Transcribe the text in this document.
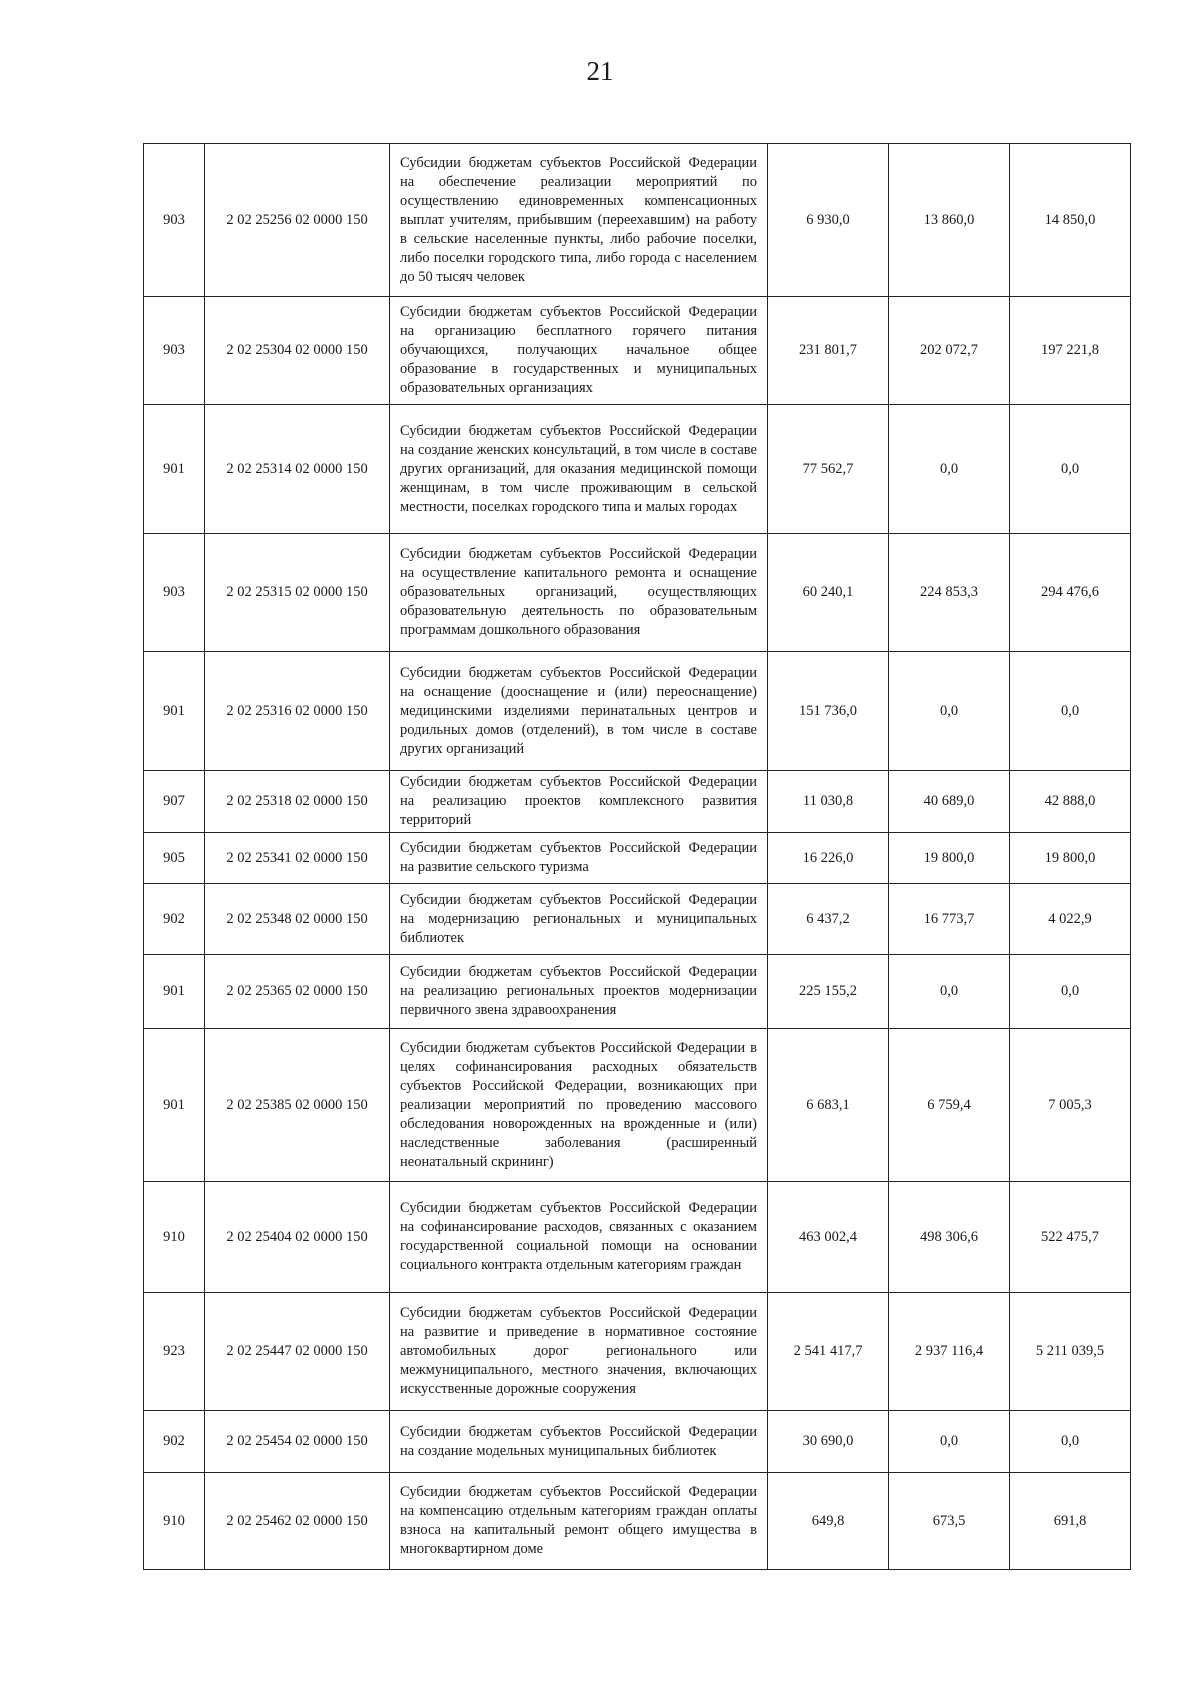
21
903	2 02 25256 02 0000 150	Субсидии бюджетам субъектов Российской Федерации на обеспечение реализации мероприятий по осуществлению единовременных компенсационных выплат учителям, прибывшим (переехавшим) на работу в сельские населенные пункты, либо рабочие поселки, либо поселки городского типа, либо города с населением до 50 тысяч человек	6 930,0	13 860,0	14 850,0
903	2 02 25304 02 0000 150	Субсидии бюджетам субъектов Российской Федерации на организацию бесплатного горячего питания обучающихся, получающих начальное общее образование в государственных и муниципальных образовательных организациях	231 801,7	202 072,7	197 221,8
901	2 02 25314 02 0000 150	Субсидии бюджетам субъектов Российской Федерации на создание женских консультаций, в том числе в составе других организаций, для оказания медицинской помощи женщинам, в том числе проживающим в сельской местности, поселках городского типа и малых городах	77 562,7	0,0	0,0
903	2 02 25315 02 0000 150	Субсидии бюджетам субъектов Российской Федерации на осуществление капитального ремонта и оснащение образовательных организаций, осуществляющих образовательную деятельность по образовательным программам дошкольного образования	60 240,1	224 853,3	294 476,6
901	2 02 25316 02 0000 150	Субсидии бюджетам субъектов Российской Федерации на оснащение (дооснащение и (или) переоснащение) медицинскими изделиями перинатальных центров и родильных домов (отделений), в том числе в составе других организаций	151 736,0	0,0	0,0
907	2 02 25318 02 0000 150	Субсидии бюджетам субъектов Российской Федерации на реализацию проектов комплексного развития территорий	11 030,8	40 689,0	42 888,0
905	2 02 25341 02 0000 150	Субсидии бюджетам субъектов Российской Федерации на развитие сельского туризма	16 226,0	19 800,0	19 800,0
902	2 02 25348 02 0000 150	Субсидии бюджетам субъектов Российской Федерации на модернизацию региональных и муниципальных библиотек	6 437,2	16 773,7	4 022,9
901	2 02 25365 02 0000 150	Субсидии бюджетам субъектов Российской Федерации на реализацию региональных проектов модернизации первичного звена здравоохранения	225 155,2	0,0	0,0
901	2 02 25385 02 0000 150	Субсидии бюджетам субъектов Российской Федерации в целях софинансирования расходных обязательств субъектов Российской Федерации, возникающих при реализации мероприятий по проведению массового обследования новорожденных на врожденные и (или) наследственные заболевания (расширенный неонатальный скрининг)	6 683,1	6 759,4	7 005,3
910	2 02 25404 02 0000 150	Субсидии бюджетам субъектов Российской Федерации на софинансирование расходов, связанных с оказанием государственной социальной помощи на основании социального контракта отдельным категориям граждан	463 002,4	498 306,6	522 475,7
923	2 02 25447 02 0000 150	Субсидии бюджетам субъектов Российской Федерации на развитие и приведение в нормативное состояние автомобильных дорог регионального или межмуниципального, местного значения, включающих искусственные дорожные сооружения	2 541 417,7	2 937 116,4	5 211 039,5
902	2 02 25454 02 0000 150	Субсидии бюджетам субъектов Российской Федерации на создание модельных муниципальных библиотек	30 690,0	0,0	0,0
910	2 02 25462 02 0000 150	Субсидии бюджетам субъектов Российской Федерации на компенсацию отдельным категориям граждан оплаты взноса на капитальный ремонт общего имущества в многоквартирном доме	649,8	673,5	691,8
